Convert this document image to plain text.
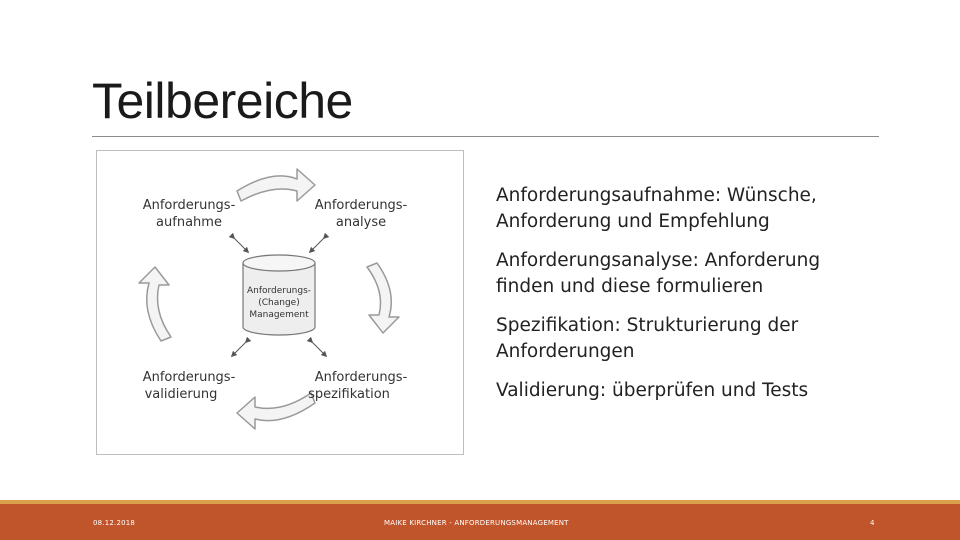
Teilbereiche
Anforderungs-
(Change)
Management
Anforderungs-
aufnahme
Anforderungs-
analyse
Anforderungs-
spezifikation
Anforderungs-
validierung
Anforderungsaufnahme: Wünsche, Anforderung und Empfehlung
Anforderungsanalyse: Anforderung finden und diese formulieren
Spezifikation: Strukturierung der Anforderungen
Validierung: überprüfen und Tests
08.12.2018	MAIKE KIRCHNER - ANFORDERUNGSMANAGEMENT	4
